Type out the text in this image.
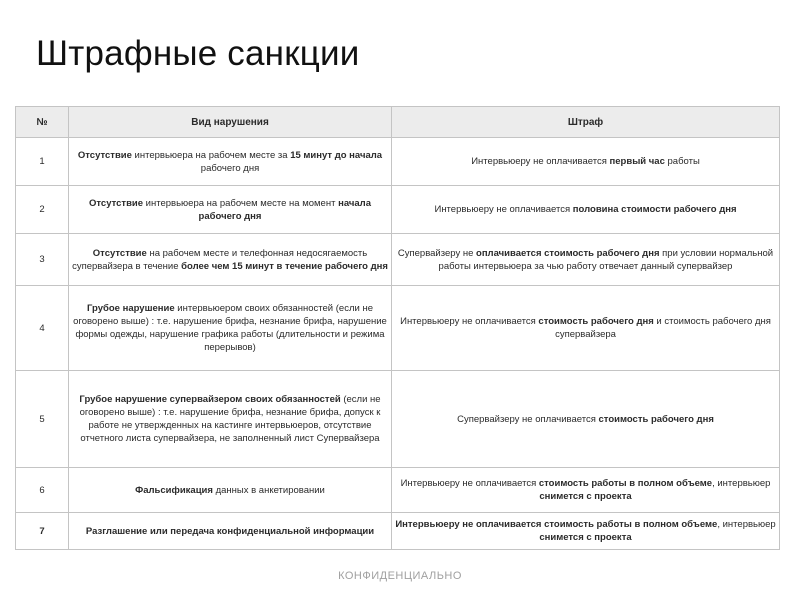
Штрафные санкции
№	Вид нарушения	Штраф
1	Отсутствие интервьюера на рабочем месте за 15 минут до начала рабочего дня	Интервьюеру не оплачивается первый час работы
2	Отсутствие интервьюера на рабочем месте на момент начала рабочего дня	Интервьюеру не оплачивается половина стоимости рабочего дня
3	Отсутствие на рабочем месте и телефонная недосягаемость супервайзера в течение более чем 15 минут в течение рабочего дня	Супервайзеру не оплачивается стоимость рабочего дня при условии нормальной работы интервьюера за чью работу отвечает данный супервайзер
4	Грубое нарушение интервьюером своих обязанностей (если не оговорено выше) : т.е. нарушение брифа, незнание брифа, нарушение формы одежды, нарушение графика работы (длительности и режима перерывов)	Интервьюеру не оплачивается стоимость рабочего дня и стоимость рабочего дня супервайзера
5	Грубое нарушение супервайзером своих обязанностей (если не оговорено выше) : т.е. нарушение брифа, незнание брифа, допуск к работе не утвержденных на кастинге интервьюеров, отсутствие отчетного листа супервайзера, не заполненный лист Супервайзера	Супервайзеру не оплачивается стоимость рабочего дня
6	Фальсификация данных в анкетировании	Интервьюеру не оплачивается стоимость работы в полном объеме, интервьюер снимется с проекта
7	Разглашение или передача конфиденциальной информации	Интервьюеру не оплачивается стоимость работы в полном объеме, интервьюер снимется с проекта
КОНФИДЕНЦИАЛЬНО
